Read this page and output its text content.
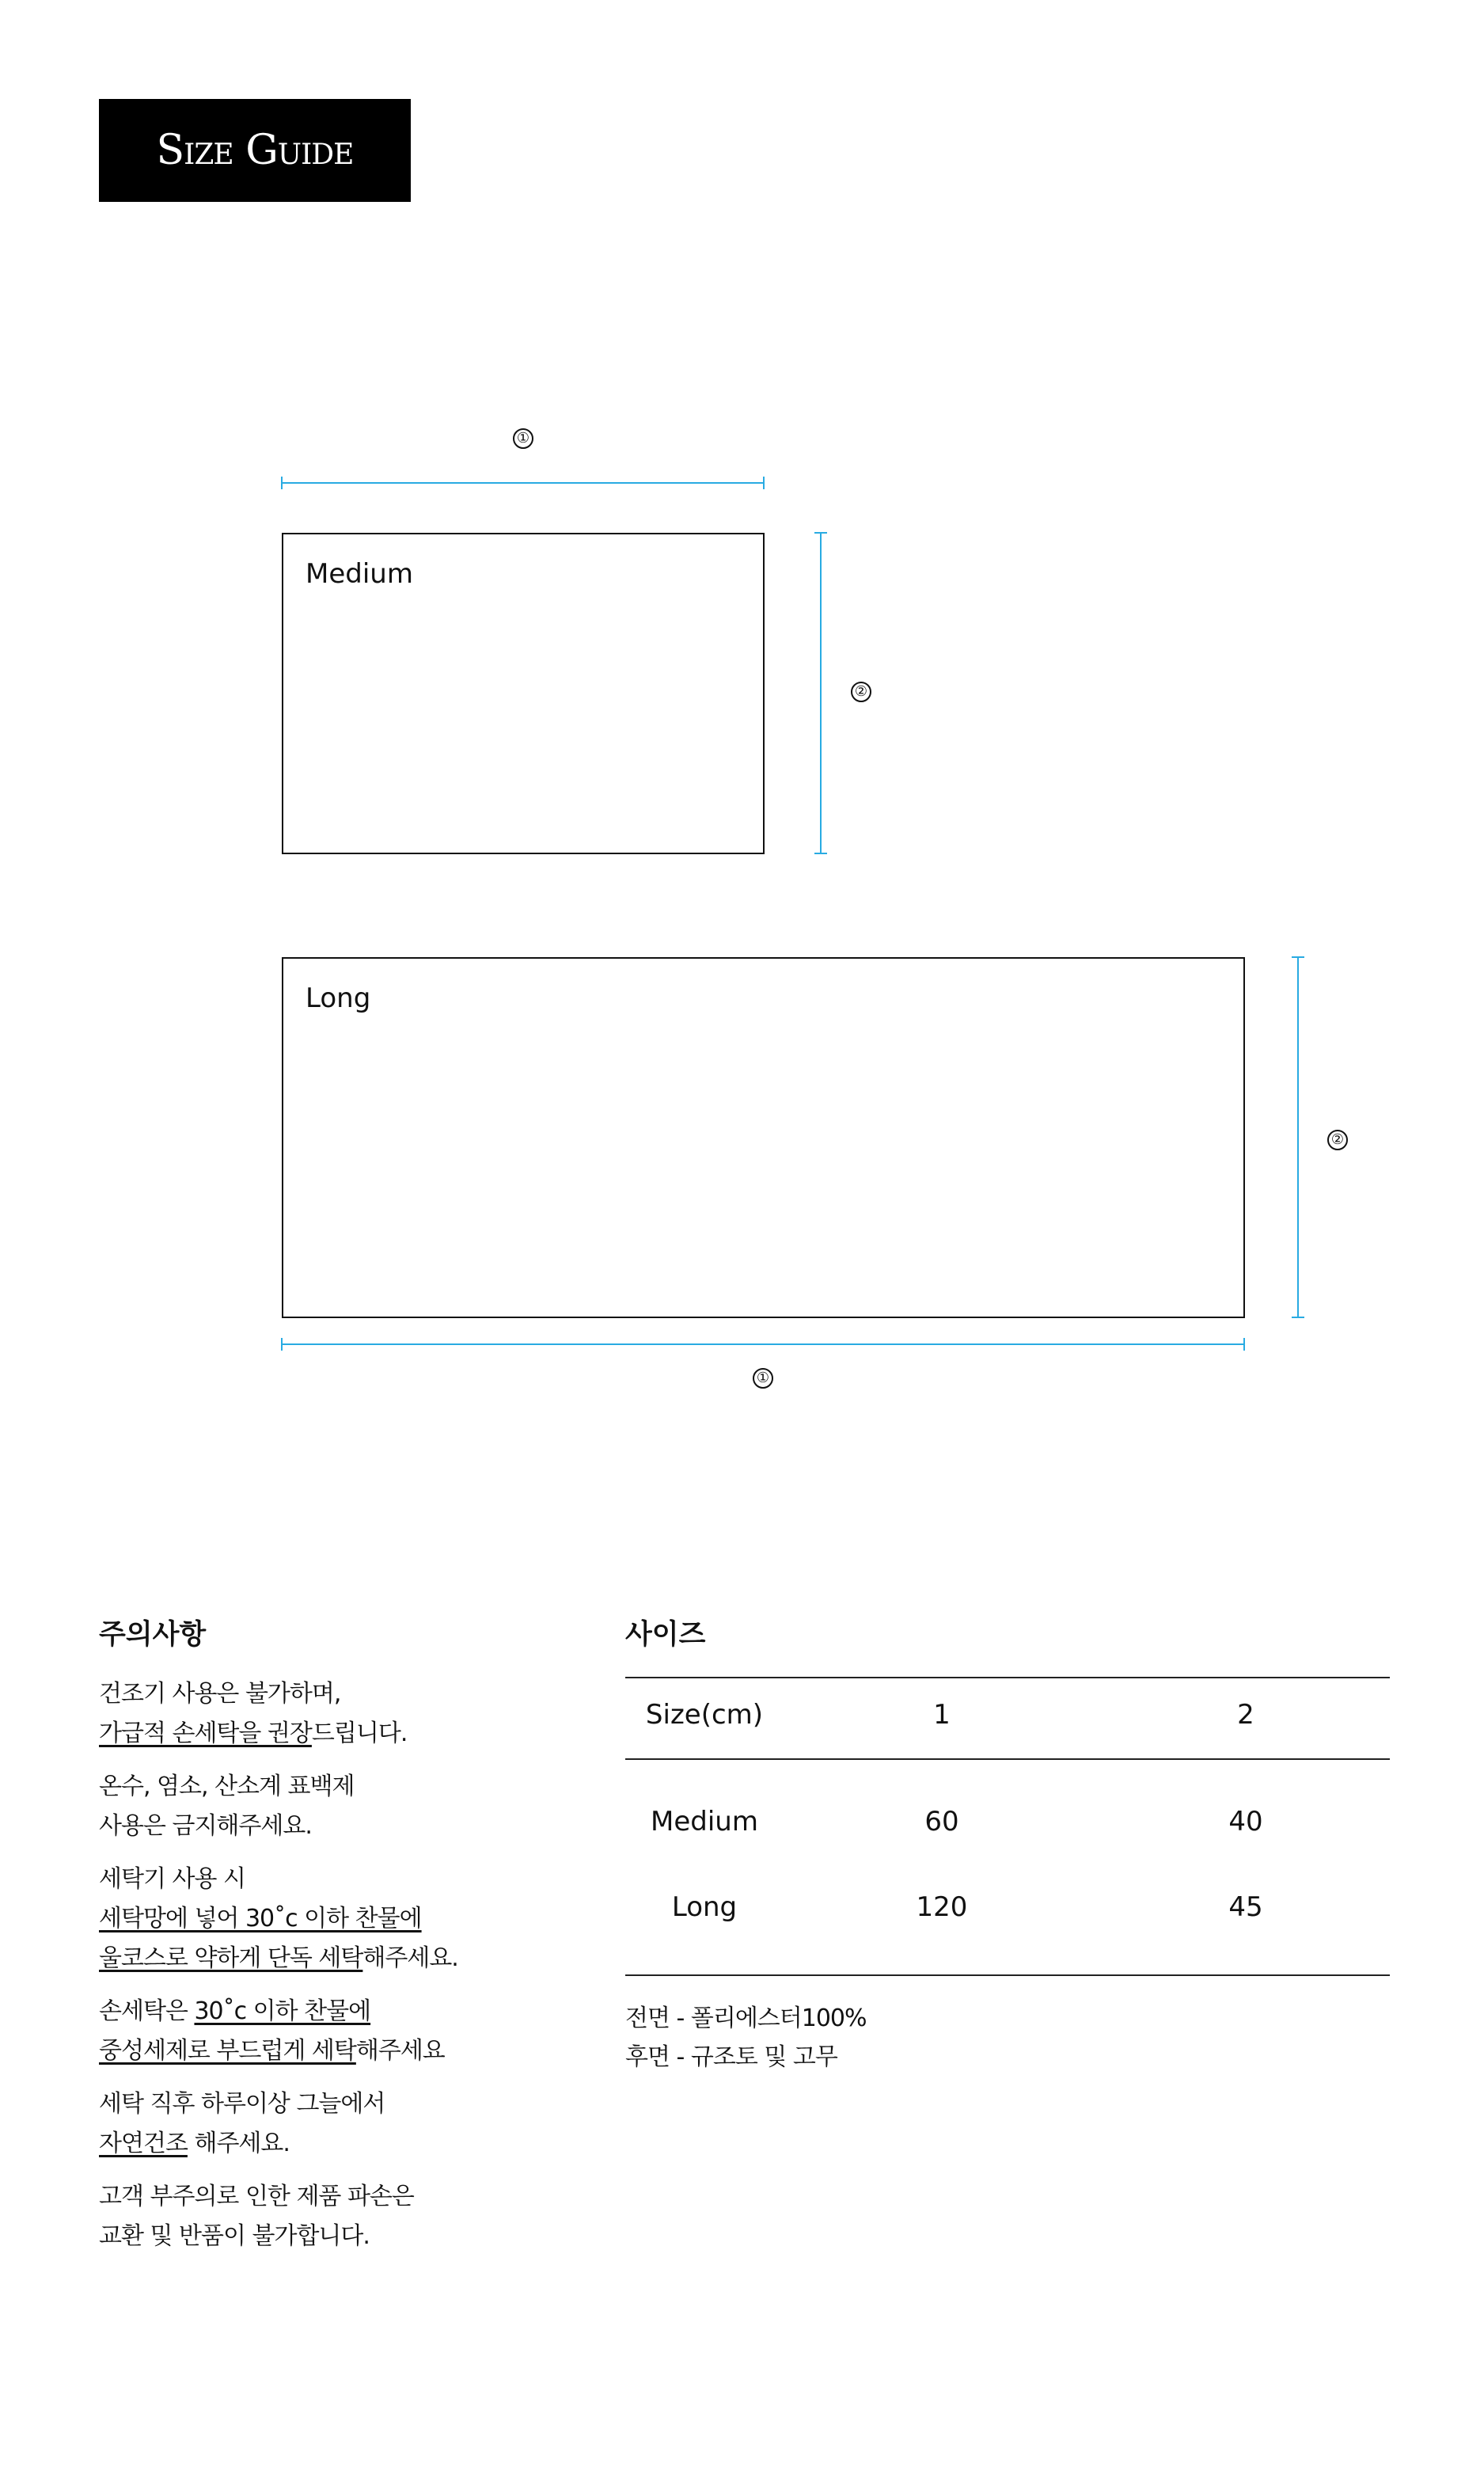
Size Guide
①
Medium
②
Long
②
①
주의사항

건조기 사용은 불가하며,

가급적 손세탁을 권장드립니다.

온수, 염소, 산소계 표백제

사용은 금지해주세요.

세탁기 사용 시

세탁망에 넣어 30˚c 이하 찬물에

울코스로 약하게 단독 세탁해주세요.

손세탁은 30˚c 이하 찬물에

중성세제로 부드럽게 세탁해주세요

세탁 직후 하루이상 그늘에서

자연건조 해주세요.

고객 부주의로 인한 제품 파손은

교환 및 반품이 불가합니다.

사이즈
Size(cm)	1	2
Medium	60	40
Long	120	45

전면 - 폴리에스터100%

후면 - 규조토 및 고무
